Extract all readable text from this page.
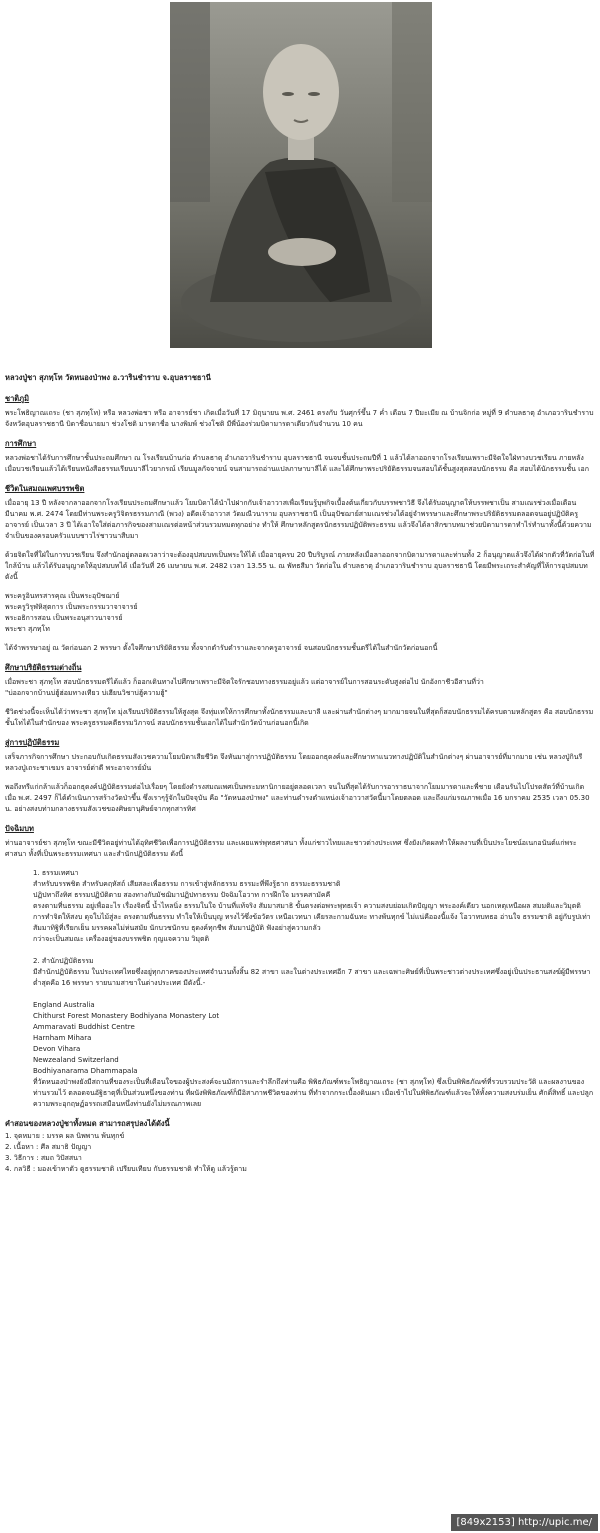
หลวงปู่ชา สุภทฺโท วัดหนองป่าพง อ.วารินชำราบ จ.อุบลราชธานี
ชาติภูมิ

พระโพธิญาณเถระ (ชา สุภทฺโท) หรือ หลวงพ่อชา หรือ อาจารย์ชา เกิดเมื่อวันที่ 17 มิถุนายน พ.ศ. 2461 ตรงกับ วันศุกร์ขึ้น 7 ค่ำ เดือน 7 ปีมะเมีย ณ บ้านจิกก่อ หมู่ที่ 9 ตำบลธาตุ อำเภอวารินชำราบ จังหวัดอุบลราชธานี บิดาชื่อนายมา ช่วงโชติ มารดาชื่อ นางพิมพ์ ช่วงโชติ มีพี่น้องร่วมบิดามารดาเดียวกันจำนวน 10 คน

การศึกษา

หลวงพ่อชาได้รับการศึกษาชั้นประถมศึกษา ณ โรงเรียนบ้านก่อ ตำบลธาตุ อำเภอวารินชำราบ อุบลราชธานี จนจบชั้นประถมปีที่ 1 แล้วได้ลาออกจากโรงเรียนเพราะมีจิตใจใฝ่ทางบวชเรียน ภายหลังเมื่อบวชเรียนแล้วได้เรียนหนังสือธรรมเรียนบาลีไวยากรณ์ เรียนมูลกัจจายน์ จนสามารถอ่านแปลภาษาบาลีได้ และได้ศึกษาพระปริยัติธรรมจนสอบได้ชั้นสูงสุดสอบนักธรรม คือ สอบได้นักธรรมชั้น เอก

ชีวิตในสมณเพศบรรพชิต

เมื่ออายุ 13 ปี หลังจากลาออกจากโรงเรียนประถมศึกษาแล้ว โยมบิดาได้นำไปฝากกับเจ้าอาวาสเพื่อเรียนรู้บุพกิจเบื้องต้นเกี่ยวกับบรรพชาวิธี จึงได้รับอนุญาตให้บรรพชาเป็น สามเณรช่วงเมื่อเดือน มีนาคม พ.ศ. 2474 โดยมีท่านพระครูวิจิตรธรรมภาณี (พวง) อดีตเจ้าอาวาส วัดมณีวนาราม อุบลราชธานี เป็นอุปัชฌาย์สามเณรช่วงได้อยู่จำพรรษาและศึกษาพระปริยัติธรรมตลอดจนอยู่ปฏิบัติครูอาจารย์ เป็นเวลา 3 ปี ได้เอาใจใส่ต่อภารกิจของสามเณรต่อหน้าส่วนรวมหมดทุกอย่าง ทำให้ ศึกษาหลักสูตรนักธรรมปฏิบัติพระธรรม แล้วจึงได้ลาสิกขาบทมาช่วยบิดามารดาทำไร่ทำนาทั้งนี้ด้วยความจำเป็นของครอบครัวแบบชาวไร่ชาวนาสืบมา

ด้วยจิตใจที่ใฝ่ในการบวชเรียน จึงสำนักอยู่ตลอดเวลาว่าจะต้องอุปสมบทเป็นพระให้ได้ เมื่ออายุครบ 20 ปีบริบูรณ์ ภายหลังเมื่อลาออกจากบิดามารดาและท่านทั้ง 2 ก็อนุญาตแล้วจึงได้ฝากตัวที่วัดก่อในที่ใกล้บ้าน แล้วได้รับอนุญาตให้อุปสมบทได้ เมื่อวันที่ 26 เมษายน พ.ศ. 2482 เวลา 13.55 น. ณ พัทธสีมา วัดก่อใน ตำบลธาตุ อำเภอวารินชำราบ อุบลราชธานี โดยมีพระเถระสำคัญที่ให้การอุปสมบทดังนี้

พระครูอินทรสารคุณ เป็นพระอุปัชฌาย์
พระครูวิรุฬหิสุตการ เป็นพระกรรมวาจาจารย์
พระอธิการสอน เป็นพระอนุสาวนาจารย์
พระชา สุภทฺโท

ได้จำพรรษาอยู่ ณ วัดก่อนอก 2 พรรษา ตั้งใจศึกษาปริยัติธรรม ทั้งจากตำรับตำราและจากครูอาจารย์ จนสอบนักธรรมชั้นตรีได้ในสำนักวัดก่อนอกนี้

ศึกษาปริยัติธรรมต่างถิ่น

เมื่อพระชา สุภทฺโท สอบนักธรรมตรีได้แล้ว ก็ออกเดินทางไปศึกษาเพราะมีจิตใจรักชอบทางธรรมอยู่แล้ว แต่อาจารย์ในการสอนระดับสูงต่อไป นักอังกาชีวอีสานที่ว่า
"บ่ออกจากบ้านบ่ฮู้ฮ่อมทางเทียว บ่เฮียนวิชาบ่ฮู้ความฮู้"

ชีวิตช่วงนี้จะเห็นได้ว่าพระชา สุภทฺโท มุ่งเรียนปริยัติธรรมให้สูงสุด จึงทุ่มเทให้การศึกษาทั้งนักธรรมและบาลี และผ่านสำนักต่างๆ มากมายจนในที่สุดก็สอบนักธรรมได้ครบตามหลักสูตร คือ สอบนักธรรมชั้นโทได้ในสำนักของ พระครูธรรมคตีธรรมวิภาจน์ สอบนักธรรมชั้นเอกได้ในสำนักวัดบ้านก่อนอกนี้เกิด

สู่การปฏิบัติธรรม

เสร็จภารกิจการศึกษา ประกอบกับเกิดธรรมสังเวชความโยมบิดาเสียชีวิต จึงหันมาสู่การปฏิบัติธรรม โดยออกธุดงค์และศึกษาหาแนวทางปฏิบัติในสำนักต่างๆ ผ่านอาจารย์ที่มากมาย เช่น หลวงปู่กินรี หลวงปู่เถระชาเขมร อาจารย์ต่าดี พระอาจารย์มั่น

พอถึงทรีแก่กล้าแล้วก็ออกธุดงค์ปฏิบัติธรรมต่อไปเรื่อยๆ โดยยังดำรงสมณเพศเป็นพระมหานิกายอยู่ตลอดเวลา จนในที่สุดได้รับการอาราธนาจากโยมมารดาและพี่ชาย เดือนรันไปโปรดสัตว์ที่บ้านเกิด เมื่อ พ.ศ. 2497 ก็ได้ดำเนินการสร้างวัดป่าขึ้น ซึ่งเราๆรู้จักในปัจจุบัน คือ "วัดหนองป่าพง" และท่านดำรงตำแหน่งเจ้าอาวาสวัดนี้มาโดยตลอด และถึงแก่มรณภาพเมื่อ 16 มกราคม 2535 เวลา 05.30 น. อย่างสงบท่ามกลางธรรมสังเวชของศิษยานุศิษย์จากทุกสารทิศ

ปัจฉิมบท

ท่านอาจารย์ชา สุภทฺโท ขณะมีชีวิตอยู่ท่านได้อุทิศชีวิตเพื่อการปฏิบัติธรรม และเผยแพร่พุทธศาสนา ทั้งแก่ชาวไทยและชาวต่างประเทศ ซึ่งยังเกิดผลทำให้ผลงานที่เป็นประโยชน์อเนกอนันต์แก่พระศาสนา ทั้งที่เป็นพระธรรมเทศนา และสำนักปฏิบัติธรรม ดังนี้

1. ธรรมเทศนา
สำหรับบรรพชิต สำหรับคฤหัสถ์ เสียสละเพื่อธรรม การเข้าสู่หลักธรรม ธรรมะที่พึงรู้ธาก ธรรมะธรรมชาติ
ปฏิปทาถึงทิศ ธรรมปฏิบัติตาย สองทางกับมัชฌิมาปฏิปทาธรรม ปัจฉิมโอวาท การฝึกใจ มรรคสามัคคี
ตรงตามที่นธรรม อยู่เพื่ออะไร เรื่องจิตนี้ น้ำไหลนิ่ง ธรรมในใจ บ้านที่แท้จริง สัมมาสมาธิ ขั้นตรงต่อพระพุทธเจ้า ความสงบย่อมเกิดปัญญา พระองค์เดียว นอกเหตุเหนือผล สมมติและวิมุตติ
การทำจิตให้สงบ ดุจใบไม้สู่ละ ตรงตามที่นธรรม ทำใจให้เป็นบุญ ทรงไว้ซึ่งข้อวัตร เหนือเวทนา เคียรละกามฉันทะ ทางพ้นทุกข์ ไม่แน่คือองนี้แจ้ง โอวาทบทธอ อ่านใจ ธรรมชาติ อยู่กับรูปเท่า
สัมมาทิฐิที่เรียกเย็น มรรคผลไม่ห่นสมัย นักบวชนักรบ ธุดงค์ทุกชีพ สัมมาปฏิบัติ ฟังอย่าสู่ความกลัว
กว่าจะเป็นสมณะ เครื่องอยู่ของบรรพชิต กุญแจความ วิมุตติ

2. สำนักปฏิบัติธรรม
มีสำนักปฏิบัติธรรม ในประเทศไทยซึ่งอยู่ทุกภาคของประเทศจำนวนทั้งสิ้น 82 สาขา และในต่างประเทศอีก 7 สาขา และเฉพาะศิษย์ที่เป็นพระชาวต่างประเทศซึ่งอยู่เป็นประธานสงฆ์ผู้มีพรรษาต่ำสุดคือ 16 พรรษา รายนามสาขาในต่างประเทศ มีดังนี้.-

England Australia
Chithurst Forest Monastery Bodhiyana Monastery Lot
Ammaravati Buddhist Centre
Harnham Mihara
Devon Vihara
Newzealand Switzerland
Bodhiyanarama Dhammapala
ที่วัดหนองป่าพงยังมีสถานที่ของระเป็นที่เดือนใจของผู้ประสงค์จะนมัสการและรำลึกถึงท่านคือ พิพิธภัณฑ์พระโพธิญาณเถระ (ชา สุภทฺโท) ซึ่งเป็นพิพิธภัณฑ์ที่รวบรวมประวัติ และผลงานของท่านรวมไว้ ตลอดจนอัฐิธาตุที่เป็นส่วนหนึ่งของท่าน ที่ผนังพิพิธภัณฑ์ก็มีอิสาภาพชีวิตของท่าน ที่ทำจากกระเบื้องดินเผา เมื่อเข้าไปในพิพิธภัณฑ์แล้วจะให้ทั้งความสงบร่มเย็น ศักดิ์สิทธิ์ และปลูกความพระอุกฤษฏ์อรรถเสมือนหนึ่งท่านยังไม่มรณภาพเลย
คำสอนของหลวงปู่ชาทั้งหมด สามารถสรุปลงได้ดังนี้
1. จุดหมาย : มรรค ผล นิพพาน พ้นทุกข์
2. เนื้อหา : ศีล สมาธิ ปัญญา
3. วิธีการ : สมถ วิปัสสนา
4. กลวิธี : มองเข้าหาตัว ดูธรรมชาติ เปรียบเทียบ กับธรรมชาติ ทำให้ดู แล้วรู้ตาม
[849x2153] http://upic.me/
